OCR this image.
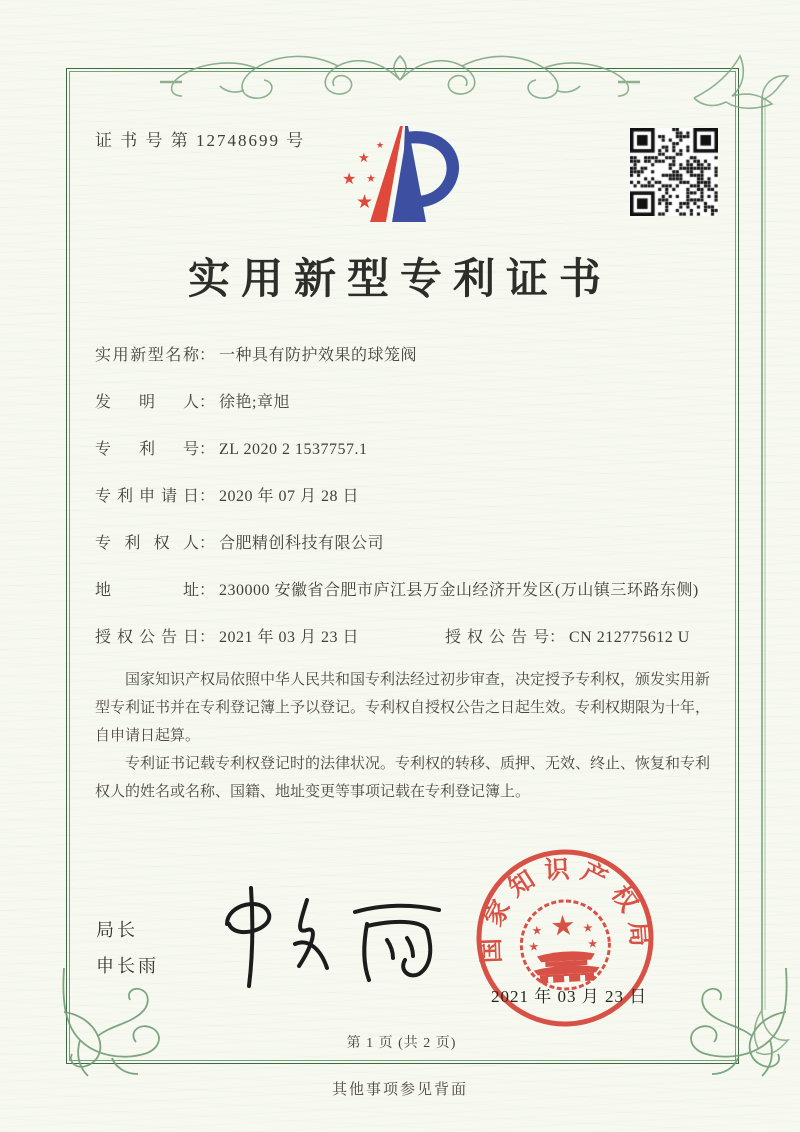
证 书 号 第 12748699 号
★
★ ★
★
★
实用新型专利证书
实用新型名称 ： 一种具有防护效果的球笼阀
发明人 ： 徐艳;章旭
专利号 ： ZL 2020 2 1537757.1
专利申请日 ： 2020 年 07 月 28 日
专利权人 ： 合肥精创科技有限公司
地址 ： 230000 安徽省合肥市庐江县万金山经济开发区(万山镇三环路东侧)
授权公告日 ： 2021 年 03 月 23 日	授权公告号 ： CN 212775612 U

国家知识产权局依照中华人民共和国专利法经过初步审查，决定授予专利权，颁发实用新型专利证书并在专利登记簿上予以登记。专利权自授权公告之日起生效。专利权期限为十年，自申请日起算。

专利证书记载专利权登记时的法律状况。专利权的转移、质押、无效、终止、恢复和专利权人的姓名或名称、国籍、地址变更等事项记载在专利登记簿上。

局长
申长雨
国家知识产权局
★
★
★
★
★
2021 年 03 月 23 日
第 1 页 (共 2 页)
其他事项参见背面
